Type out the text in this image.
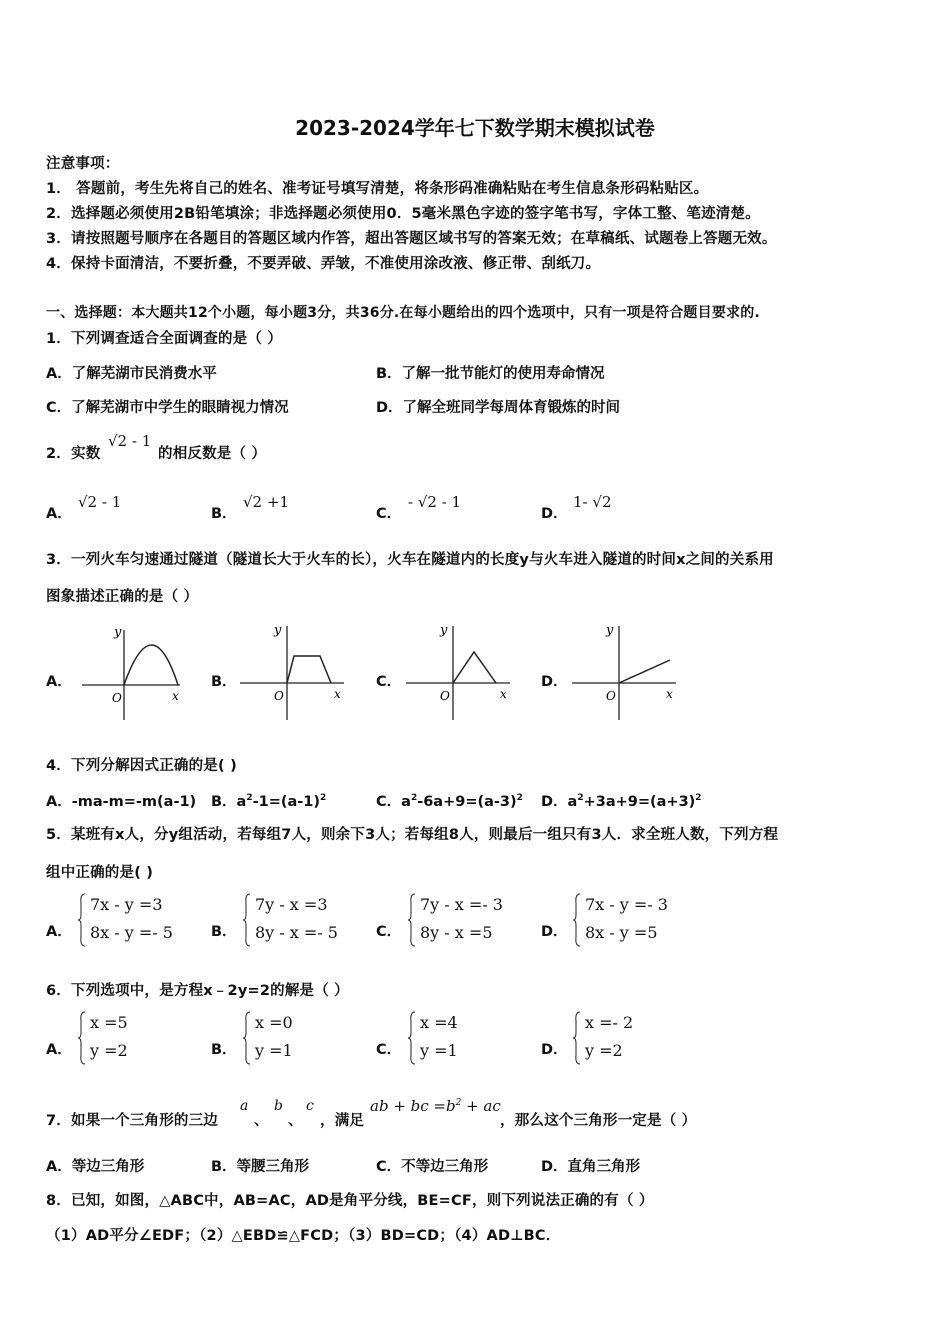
2023-2024学年七下数学期末模拟试卷
注意事项：
1． 答题前，考生先将自己的姓名、准考证号填写清楚，将条形码准确粘贴在考生信息条形码粘贴区。
2．选择题必须使用2B铅笔填涂；非选择题必须使用0．5毫米黑色字迹的签字笔书写，字体工整、笔迹清楚。
3．请按照题号顺序在各题目的答题区域内作答，超出答题区域书写的答案无效；在草稿纸、试题卷上答题无效。
4．保持卡面清洁，不要折叠，不要弄破、弄皱，不准使用涂改液、修正带、刮纸刀。
一、选择题：本大题共12个小题，每小题3分，共36分.在每小题给出的四个选项中，只有一项是符合题目要求的.
1．下列调查适合全面调查的是（ ）
A．了解芜湖市民消费水平	B．了解一批节能灯的使用寿命情况
C．了解芜湖市中学生的眼睛视力情况	D．了解全班同学每周体育锻炼的时间
2．实数
√2 - 1
的相反数是（ ）
A．
√2 - 1
B．
√2 +1
C．
- √2 - 1
D．
1- √2
3．一列火车匀速通过隧道（隧道长大于火车的长），火车在隧道内的长度y与火车进入隧道的时间x之间的关系用
图象描述正确的是（ ）
A．
y
x
O
B．
y
x
O
C．
y
x
O
D．
y
x
O
4．下列分解因式正确的是( )
A．-ma-m=-m(a-1) B．$a^2-1=(a-1)^2$	C．$a^2-6a+9=(a-3)^2$ D．$a^2+3a+9=(a+3)^2$
5．某班有x人，分y组活动，若每组7人，则余下3人；若每组8人，则最后一组只有3人．求全班人数，下列方程
组中正确的是( )
A．
7x - y =3
8x - y =- 5	B．
7y - x =3
8y - x =- 5	C．
7y - x =- 3
8y - x =5	D．
7x - y =- 3
8x - y =5
6．下列选项中，是方程x﹣2y=2的解是（ ）
A．
x =5
y =2	B．
x =0
y =1	C．
x =4
y =1	D．
x =- 2
y =2
7．如果一个三角形的三边
a
、
b
、
c
，满足
ab + bc $=b^2$ + ac
，那么这个三角形一定是（ ）
A．等边三角形	B．等腰三角形	C．不等边三角形	D．直角三角形
8．已知，如图，△ABC中，AB=AC，AD是角平分线，BE=CF，则下列说法正确的有（ ）
（1）AD平分∠EDF；（2）△EBD≌△FCD；（3）BD=CD；（4）AD⊥BC．
